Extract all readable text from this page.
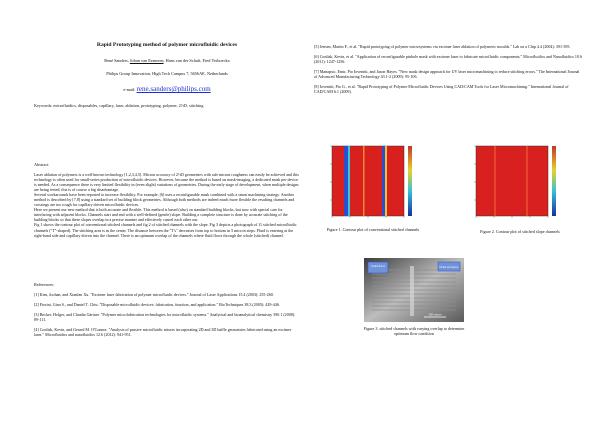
Rapid Prototyping method of polymer microfluidic devices
René Sanders, Johan van Eemeren, Hans van der Schaft, Fred Verhoeckx
Philips Group Innovation, High Tech Campus 7, 5656AE, Netherlands
e-mail: rene.sanders@philips.com
Keywords: microfluidics, disposables, capillary, laser, ablation, prototyping, polymer, 2½D, stitching
Abstract

Laser ablation of polymers is a well-known technology [1,2,3,4,5]. Micron accuracy of 2½D geometries with sub-micron roughness can easily be achieved and this technology is often used for small-series production of microfluidic devices. However, because the method is based on mask-imaging, a dedicated mask per device is needed. As a consequence there is very limited flexibility in (even slight) variations of geometries. During the early stage of development, when multiple designs are being tested, this is of course a big disadvantage.

Several workarounds have been reported to increase flexibility. For example, [6] uses a reconfigurable mask combined with a smart machining strategy. Another method is described by [7,8] using a standard set of building block geometries. Although both methods are indeed much more flexible the resulting channels and crossings are too rough for capillary driven microfluidic devices.

Here we present our new method that is both accurate and flexible. This method is based (also) on standard building blocks, but now with special care for interfacing with adjacent blocks. Channels start and end with a well-defined (gentle) slope. Building a complete structure is done by accurate stitching of the building blocks so that these slopes overlap in a precise manner and effectively cancel each other out.

Fig 1 shows the contour plot of conventional stitched channels and fig 2 of stitched channels with the slope. Fig 3 depicts a photograph of 11 stitched microfluidic channels ("T"-shaped). The stitching area is in the center. The distance between the "T's" decreases from top to bottom in 5 micron steps. Fluid is entering at the right-hand side and capillary driven into the channel. There is an optimum overlap of the channels where fluid flows through the whole (stitched) channel.

References:

[1] Kim, Joohan, and Xianfan Xu. "Excimer laser fabrication of polymer microfluidic devices." Journal of Laser Applications 15.4 (2003): 255-260.

[2] Fiorini, Gina S., and Daniel T. Chiu. "Disposable microfluidic devices: fabrication, function, and application." BioTechniques 38.3 (2005): 429-446.

[3] Becker, Holger, and Claudia Gärtner. "Polymer microfabrication technologies for microfluidic systems." Analytical and bioanalytical chemistry 390.1 (2008): 89-111.

[4] Conlisk, Kevin, and Gerard M. O'Connor. "Analysis of passive microfluidic mixers incorporating 2D and 3D baffle geometries fabricated using an excimer laser." Microfluidics and nanofluidics 12.6 (2012): 941-951.

[5] Jensen, Martin F., et al. "Rapid prototyping of polymer microsystems via excimer laser ablation of polymeric moulds." Lab on a Chip 4.4 (2004): 391-395.

[6] Conlisk, Kevin, et al. "Application of reconfigurable pinhole mask with excimer laser to fabricate microfluidic components." Microfluidics and Nanofluidics 10.6 (2011): 1247-1256.

[7] Manapsic, Emir, Pio Iovenitti, and Jason Hayes. "New mask design approach for UV laser micromachining to reduce stitching errors." The International Journal of Advanced Manufacturing Technology 43.1-2 (2009): 95-106.

[8] Iovenitti, Pio G., et al. "Rapid Prototyping of Polymer Microfluidic Devices Using CAD/CAM Tools for Laser Micromachining." International Journal of CAD/CAM 6.1 (2009).

Figure 1. Contour plot of conventional stitched channels	Figure 2. Contour plot of stitched slope channels
Fluid front	Fluid entrance
200 micron
Figure 3. stitched channels with varying overlap to determine optimum flow condition
